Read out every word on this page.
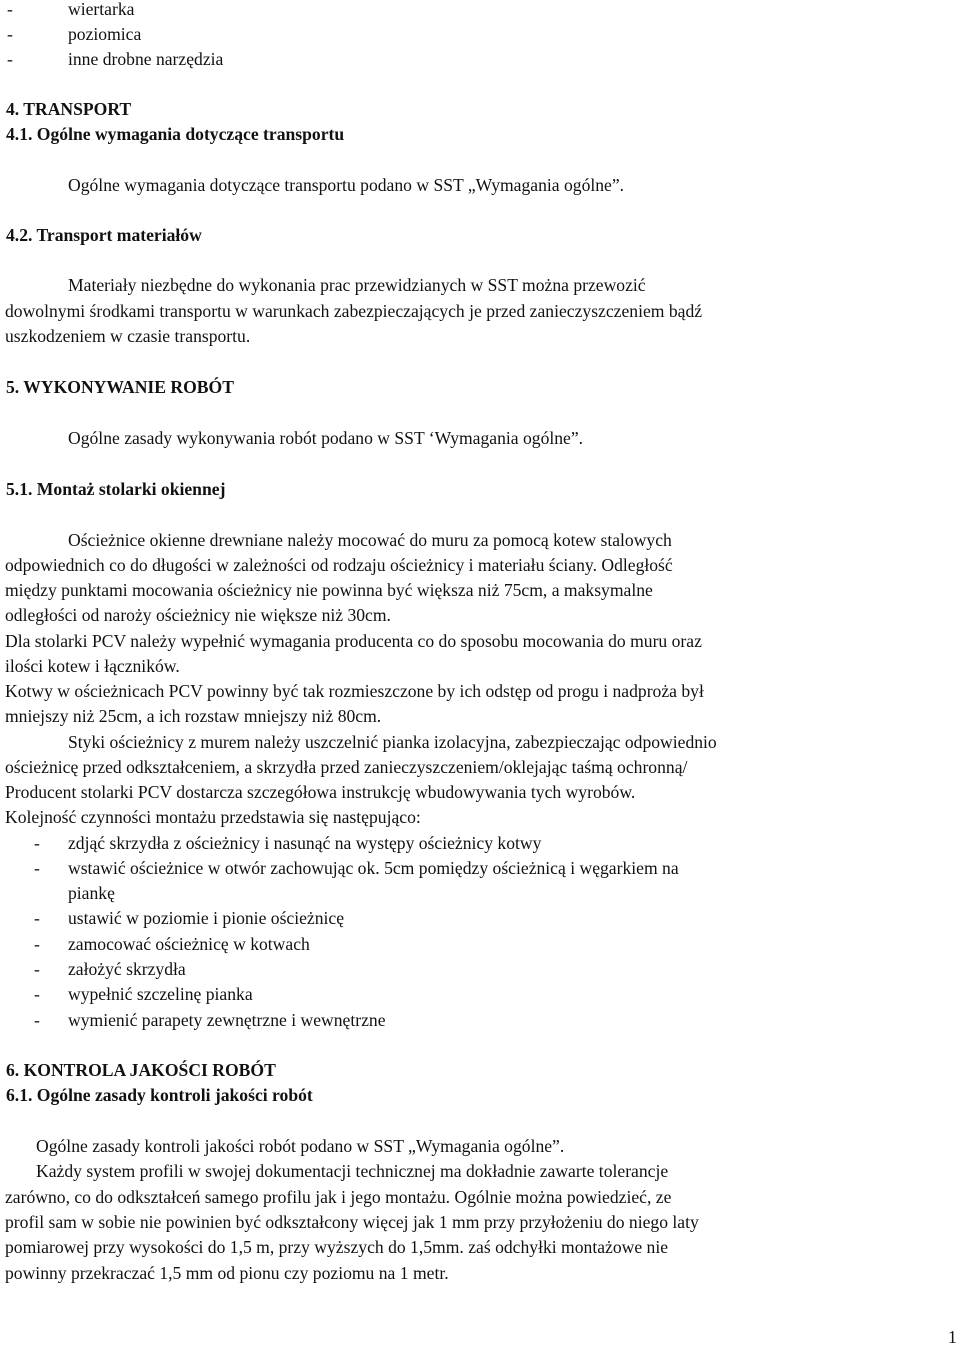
-	wiertarka
-	poziomica
-	inne drobne narzędzia
4. TRANSPORT
4.1. Ogólne wymagania dotyczące transportu
Ogólne wymagania dotyczące transportu podano w SST „Wymagania ogólne”.
4.2. Transport materiałów
Materiały niezbędne do wykonania prac przewidzianych w SST można przewozić
dowolnymi środkami transportu w warunkach zabezpieczających je przed zanieczyszczeniem bądź
uszkodzeniem w czasie transportu.
5. WYKONYWANIE ROBÓT
Ogólne zasady wykonywania robót podano w SST ‘Wymagania ogólne”.
5.1. Montaż stolarki okiennej
Ościeżnice okienne drewniane należy mocować do muru za pomocą kotew stalowych
odpowiednich co do długości w zależności od rodzaju ościeżnicy i materiału ściany. Odległość
między punktami mocowania ościeżnicy nie powinna być większa niż 75cm, a maksymalne
odległości od naroży ościeżnicy nie większe niż 30cm.
Dla stolarki PCV należy wypełnić wymagania producenta co do sposobu mocowania do muru oraz
ilości kotew i łączników.
Kotwy w ościeżnicach PCV powinny być tak rozmieszczone by ich odstęp od progu i nadproża był
mniejszy niż 25cm, a ich rozstaw mniejszy niż 80cm.
Styki ościeżnicy z murem należy uszczelnić pianka izolacyjna, zabezpieczając odpowiednio
ościeżnicę przed odkształceniem, a skrzydła przed zanieczyszczeniem/oklejając taśmą ochronną/
Producent stolarki PCV dostarcza szczegółowa instrukcję wbudowywania tych wyrobów.
Kolejność czynności montażu przedstawia się następująco:
- zdjąć skrzydła z ościeżnicy i nasunąć na występy ościeżnicy kotwy
- wstawić ościeżnice w otwór zachowując ok. 5cm pomiędzy ościeżnicą i węgarkiem na
piankę
- ustawić w poziomie i pionie ościeżnicę
- zamocować ościeżnicę w kotwach
- założyć skrzydła
- wypełnić szczelinę pianka
- wymienić parapety zewnętrzne i wewnętrzne
6. KONTROLA JAKOŚCI ROBÓT
6.1. Ogólne zasady kontroli jakości robót
Ogólne zasady kontroli jakości robót podano w SST „Wymagania ogólne”.
Każdy system profili w swojej dokumentacji technicznej ma dokładnie zawarte tolerancje
zarówno, co do odkształceń samego profilu jak i jego montażu. Ogólnie można powiedzieć, ze
profil sam w sobie nie powinien być odkształcony więcej jak 1 mm przy przyłożeniu do niego laty
pomiarowej przy wysokości do 1,5 m, przy wyższych do 1,5mm. zaś odchyłki montażowe nie
powinny przekraczać 1,5 mm od pionu czy poziomu na 1 metr.
1
